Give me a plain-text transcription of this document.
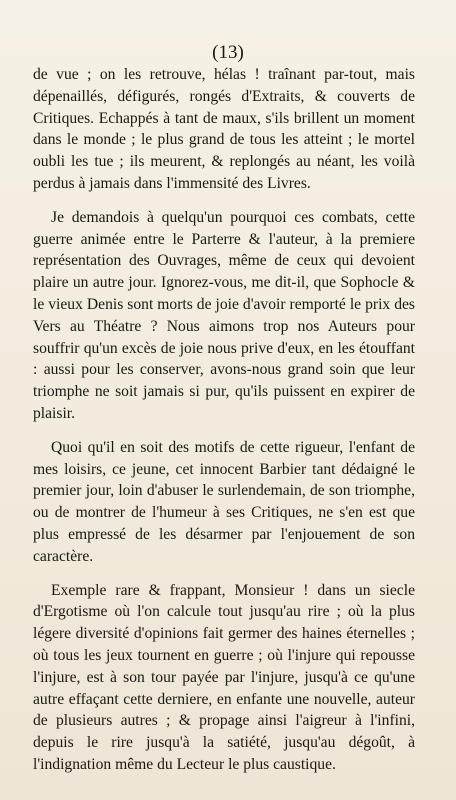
(13)

de vue ; on les retrouve, hélas ! traînant par-tout, mais dépenaillés, défigurés, rongés d'Extraits, & couverts de Critiques. Echappés à tant de maux, s'ils brillent un moment dans le monde ; le plus grand de tous les atteint ; le mortel oubli les tue ; ils meurent, & replongés au néant, les voilà perdus à jamais dans l'immensité des Livres.

Je demandois à quelqu'un pourquoi ces combats, cette guerre animée entre le Parterre & l'auteur, à la premiere représentation des Ouvrages, même de ceux qui devoient plaire un autre jour. Ignorez-vous, me dit-il, que Sophocle & le vieux Denis sont morts de joie d'avoir remporté le prix des Vers au Théatre ? Nous aimons trop nos Auteurs pour souffrir qu'un excès de joie nous prive d'eux, en les étouffant : aussi pour les conserver, avons-nous grand soin que leur triomphe ne soit jamais si pur, qu'ils puissent en expirer de plaisir.

Quoi qu'il en soit des motifs de cette rigueur, l'enfant de mes loisirs, ce jeune, cet innocent Barbier tant dédaigné le premier jour, loin d'abuser le surlendemain, de son triomphe, ou de montrer de l'humeur à ses Critiques, ne s'en est que plus empressé de les désarmer par l'enjouement de son caractère.

Exemple rare & frappant, Monsieur ! dans un siecle d'Ergotisme où l'on calcule tout jusqu'au rire ; où la plus légere diversité d'opinions fait germer des haines éternelles ; où tous les jeux tournent en guerre ; où l'injure qui repousse l'injure, est à son tour payée par l'injure, jusqu'à ce qu'une autre effaçant cette derniere, en enfante une nouvelle, auteur de plusieurs autres ; & propage ainsi l'aigreur à l'infini, depuis le rire jusqu'à la satiété, jusqu'au dégoût, à l'indignation même du Lecteur le plus caustique.
